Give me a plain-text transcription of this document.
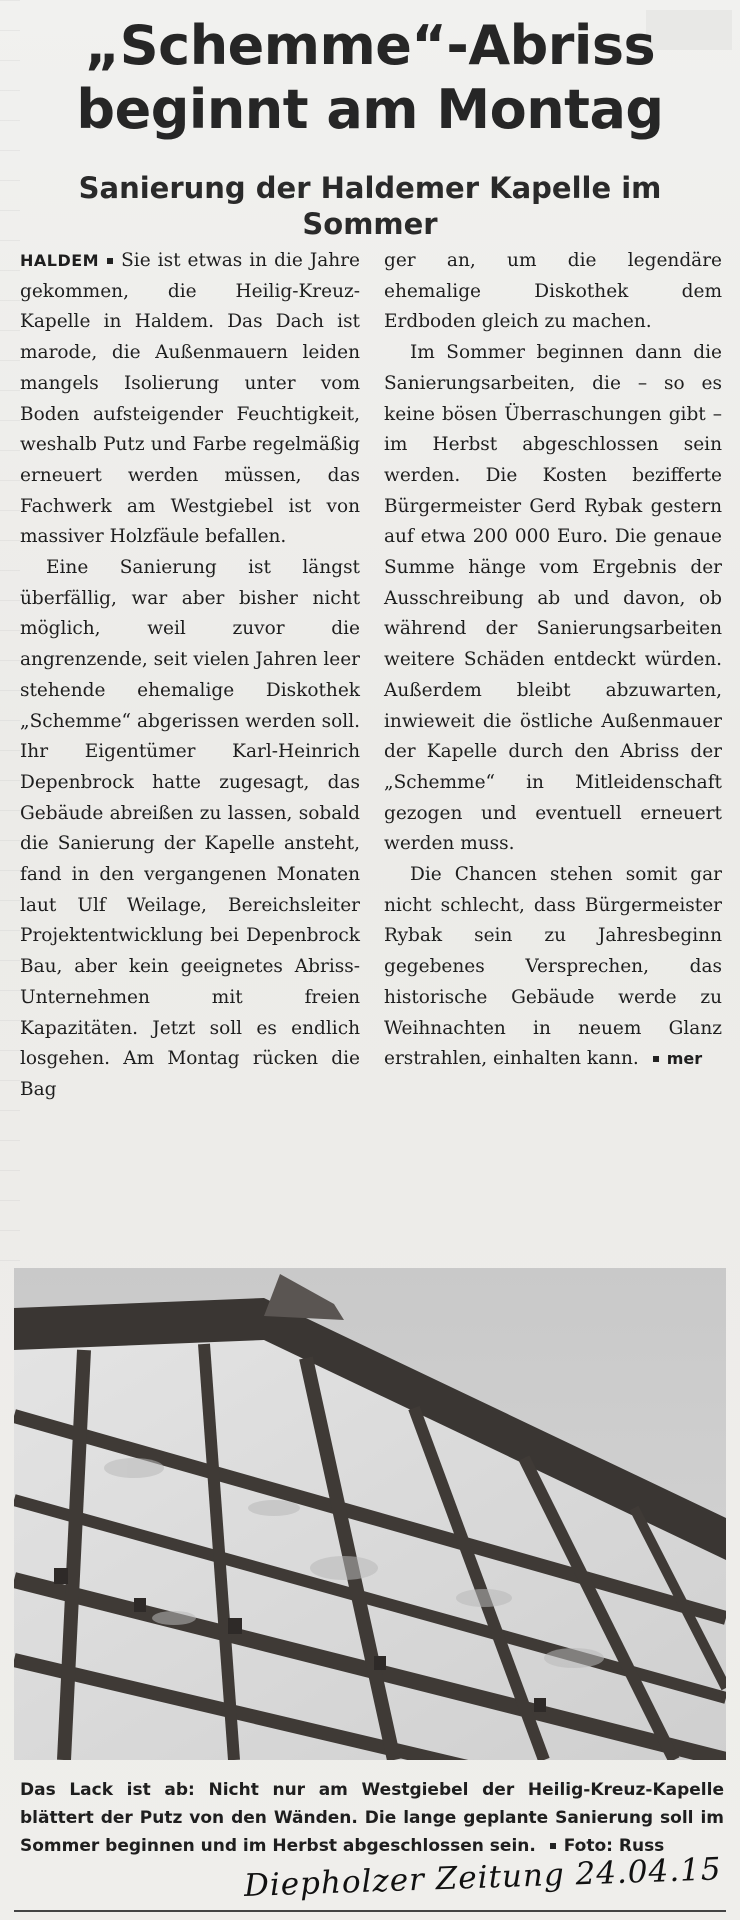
„Schemme“-Abriss
beginnt am Montag
Sanierung der Haldemer Kapelle im Sommer

HALDEM Sie ist etwas in die Jahre gekommen, die Heilig-Kreuz-Kapelle in Haldem. Das Dach ist marode, die Außenmauern leiden mangels Isolierung unter vom Boden aufsteigender Feuchtigkeit, weshalb Putz und Farbe regelmäßig erneuert werden müssen, das Fachwerk am Westgiebel ist von massiver Holzfäule befallen.

Eine Sanierung ist längst überfällig, war aber bisher nicht möglich, weil zuvor die angrenzende, seit vielen Jahren leer stehende ehemalige Diskothek „Schemme“ abgerissen werden soll. Ihr Eigentümer Karl-Heinrich Depenbrock hatte zugesagt, das Gebäude abreißen zu lassen, sobald die Sanierung der Kapelle ansteht, fand in den vergangenen Monaten laut Ulf Weilage, Bereichsleiter Projektentwicklung bei Depenbrock Bau, aber kein geeignetes Abriss-Unternehmen mit freien Kapazitäten. Jetzt soll es endlich losgehen. Am Montag rücken die Bag

ger an, um die legendäre ehemalige Diskothek dem Erdboden gleich zu machen.

Im Sommer beginnen dann die Sanierungsarbeiten, die – so es keine bösen Überraschungen gibt – im Herbst abgeschlossen sein werden. Die Kosten bezifferte Bürgermeister Gerd Rybak gestern auf etwa 200 000 Euro. Die genaue Summe hänge vom Ergebnis der Ausschreibung ab und davon, ob während der Sanierungsarbeiten weitere Schäden entdeckt würden. Außerdem bleibt abzuwarten, inwieweit die östliche Außenmauer der Kapelle durch den Abriss der „Schemme“ in Mitleidenschaft gezogen und eventuell erneuert werden muss.

Die Chancen stehen somit gar nicht schlecht, dass Bürgermeister Rybak sein zu Jahresbeginn gegebenes Versprechen, das historische Gebäude werde zu Weihnachten in neuem Glanz erstrahlen, einhalten kann. mer

Das Lack ist ab: Nicht nur am Westgiebel der Heilig-Kreuz-Kapelle blättert der Putz von den Wänden. Die lange geplante Sanierung soll im Sommer beginnen und im Herbst abgeschlossen sein. Foto: Russ

Diepholzer Zeitung 24.04.15
